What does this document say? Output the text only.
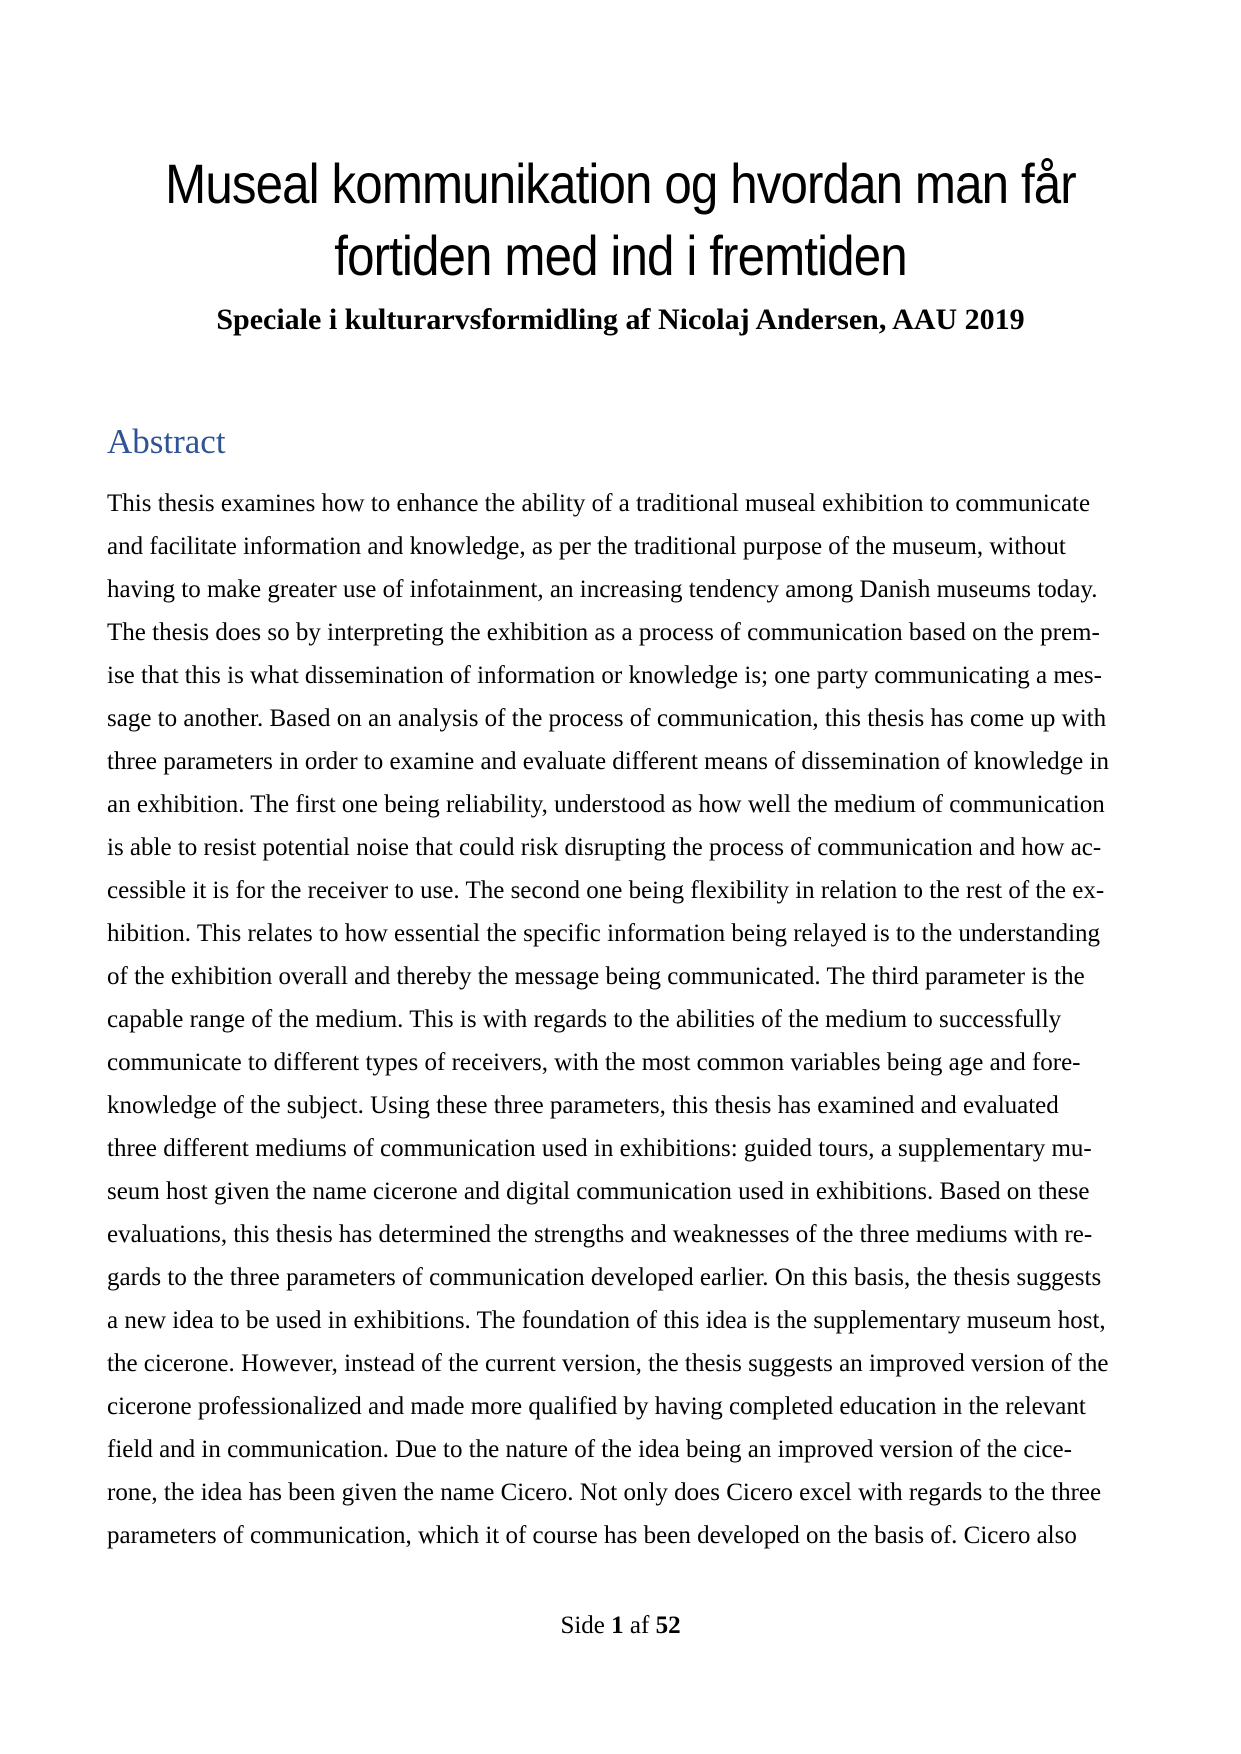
Museal kommunikation og hvordan man får
fortiden med ind i fremtiden
Speciale i kulturarvsformidling af Nicolaj Andersen, AAU 2019
Abstract
This thesis examines how to enhance the ability of a traditional museal exhibition to communicate
and facilitate information and knowledge, as per the traditional purpose of the museum, without
having to make greater use of infotainment, an increasing tendency among Danish museums today.
The thesis does so by interpreting the exhibition as a process of communication based on the prem-
ise that this is what dissemination of information or knowledge is; one party communicating a mes-
sage to another. Based on an analysis of the process of communication, this thesis has come up with
three parameters in order to examine and evaluate different means of dissemination of knowledge in
an exhibition. The first one being reliability, understood as how well the medium of communication
is able to resist potential noise that could risk disrupting the process of communication and how ac-
cessible it is for the receiver to use. The second one being flexibility in relation to the rest of the ex-
hibition. This relates to how essential the specific information being relayed is to the understanding
of the exhibition overall and thereby the message being communicated. The third parameter is the
capable range of the medium. This is with regards to the abilities of the medium to successfully
communicate to different types of receivers, with the most common variables being age and fore-
knowledge of the subject. Using these three parameters, this thesis has examined and evaluated
three different mediums of communication used in exhibitions: guided tours, a supplementary mu-
seum host given the name cicerone and digital communication used in exhibitions. Based on these
evaluations, this thesis has determined the strengths and weaknesses of the three mediums with re-
gards to the three parameters of communication developed earlier. On this basis, the thesis suggests
a new idea to be used in exhibitions. The foundation of this idea is the supplementary museum host,
the cicerone. However, instead of the current version, the thesis suggests an improved version of the
cicerone professionalized and made more qualified by having completed education in the relevant
field and in communication. Due to the nature of the idea being an improved version of the cice-
rone, the idea has been given the name Cicero. Not only does Cicero excel with regards to the three
parameters of communication, which it of course has been developed on the basis of. Cicero also
Side 1 af 52
